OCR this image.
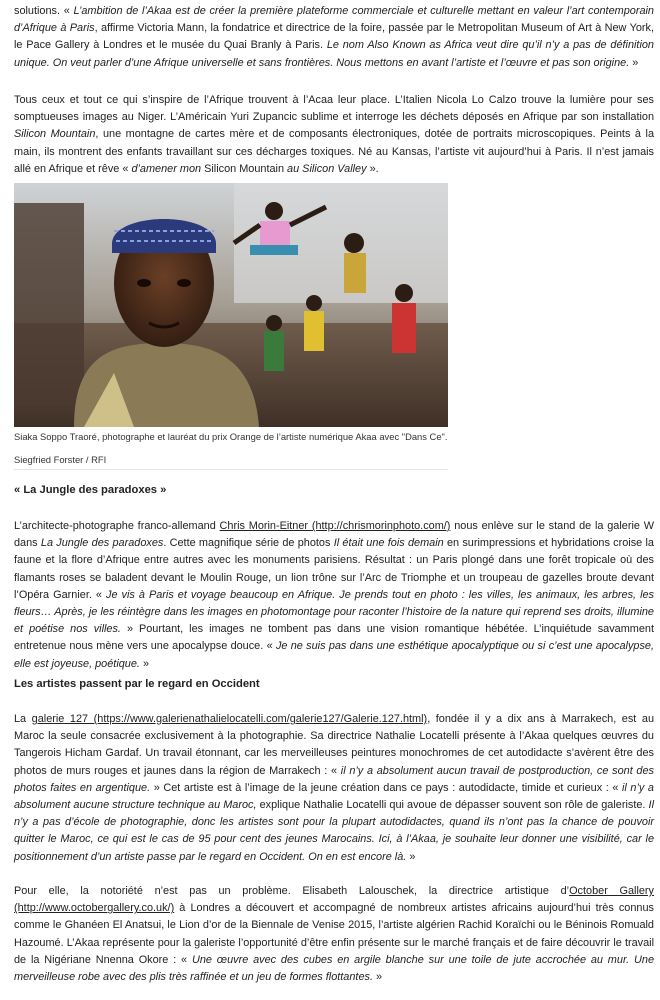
solutions. « L’ambition de l’Akaa est de créer la première plateforme commerciale et culturelle mettant en valeur l’art contemporain d’Afrique à Paris, affirme Victoria Mann, la fondatrice et directrice de la foire, passée par le Metropolitan Museum of Art à New York, le Pace Gallery à Londres et le musée du Quai Branly à Paris. Le nom Also Known as Africa veut dire qu’il n’y a pas de définition unique. On veut parler d’une Afrique universelle et sans frontières. Nous mettons en avant l’artiste et l’œuvre et pas son origine. »

Tous ceux et tout ce qui s’inspire de l’Afrique trouvent à l’Acaa leur place. L’Italien Nicola Lo Calzo trouve la lumière pour ses somptueuses images au Niger. L’Américain Yuri Zupancic sublime et interroge les déchets déposés en Afrique par son installation Silicon Mountain, une montagne de cartes mère et de composants électroniques, dotée de portraits microscopiques. Peints à la main, ils montrent des enfants travaillant sur ces décharges toxiques. Né au Kansas, l’artiste vit aujourd’hui à Paris. Il n’est jamais allé en Afrique et rêve « d’amener mon Silicon Mountain au Silicon Valley ».

Siaka Soppo Traoré, photographe et lauréat du prix Orange de l’artiste numérique Akaa avec "Dans Ce".
Siegfried Forster / RFI
« La Jungle des paradoxes »

L’architecte-photographe franco-allemand Chris Morin-Eitner (http://chrismorinphoto.com/) nous enlève sur le stand de la galerie W dans La Jungle des paradoxes. Cette magnifique série de photos Il était une fois demain en surimpressions et hybridations croise la faune et la flore d’Afrique entre autres avec les monuments parisiens. Résultat : un Paris plongé dans une forêt tropicale où des flamants roses se baladent devant le Moulin Rouge, un lion trône sur l’Arc de Triomphe et un troupeau de gazelles broute devant l’Opéra Garnier. « Je vis à Paris et voyage beaucoup en Afrique. Je prends tout en photo : les villes, les animaux, les arbres, les fleurs… Après, je les réintègre dans les images en photomontage pour raconter l’histoire de la nature qui reprend ses droits, illumine et poétise nos villes. » Pourtant, les images ne tombent pas dans une vision romantique hébétée. L’inquiétude savamment entretenue nous mène vers une apocalypse douce. « Je ne suis pas dans une esthétique apocalyptique ou si c’est une apocalypse, elle est joyeuse, poétique. »

Les artistes passent par le regard en Occident

La galerie 127 (https://www.galerienathalielocatelli.com/galerie127/Galerie.127.html), fondée il y a dix ans à Marrakech, est au Maroc la seule consacrée exclusivement à la photographie. Sa directrice Nathalie Locatelli présente à l’Akaa quelques œuvres du Tangerois Hicham Gardaf. Un travail étonnant, car les merveilleuses peintures monochromes de cet autodidacte s’avèrent être des photos de murs rouges et jaunes dans la région de Marrakech : « il n’y a absolument aucun travail de postproduction, ce sont des photos faites en argentique. » Cet artiste est à l’image de la jeune création dans ce pays : autodidacte, timide et curieux : « il n’y a absolument aucune structure technique au Maroc, explique Nathalie Locatelli qui avoue de dépasser souvent son rôle de galeriste. Il n’y a pas d’école de photographie, donc les artistes sont pour la plupart autodidactes, quand ils n’ont pas la chance de pouvoir quitter le Maroc, ce qui est le cas de 95 pour cent des jeunes Marocains. Ici, à l’Akaa, je souhaite leur donner une visibilité, car le positionnement d’un artiste passe par le regard en Occident. On en est encore là. »

Pour elle, la notoriété n’est pas un problème. Elisabeth Lalouschek, la directrice artistique d’October Gallery (http://www.octobergallery.co.uk/) à Londres a découvert et accompagné de nombreux artistes africains aujourd’hui très connus comme le Ghanéen El Anatsui, le Lion d’or de la Biennale de Venise 2015, l’artiste algérien Rachid Koraïchi ou le Béninois Romuald Hazoumé. L’Akaa représente pour la galeriste l’opportunité d’être enfin présente sur le marché français et de faire découvrir le travail de la Nigériane Nnenna Okore : « Une œuvre avec des cubes en argile blanche sur une toile de jute accrochée au mur. Une merveilleuse robe avec des plis très raffinée et un jeu de formes flottantes. »
